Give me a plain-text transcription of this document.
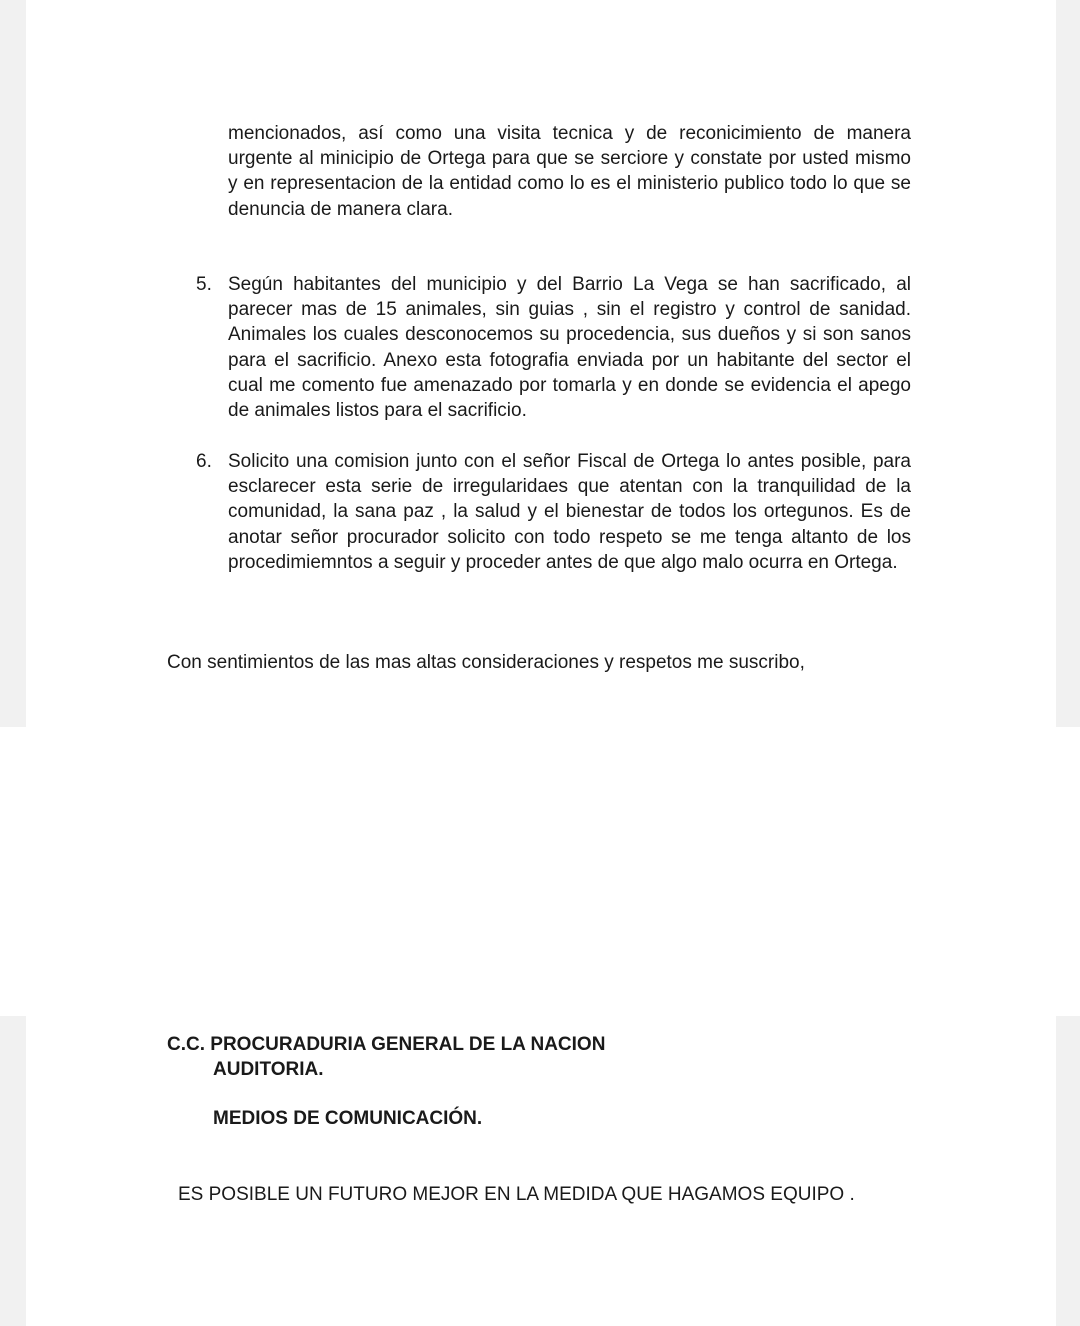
mencionados, así como una visita tecnica y de reconicimiento de manera urgente al minicipio de Ortega para que se serciore y constate por usted mismo y en representacion de la entidad como lo es el ministerio publico todo lo que se denuncia de manera clara.

5. Según habitantes del municipio y del Barrio La Vega se han sacrificado, al parecer mas de 15 animales, sin guias , sin el registro y control de sanidad. Animales los cuales desconocemos su procedencia, sus dueños y si son sanos para el sacrificio. Anexo esta fotografia enviada por un habitante del sector el cual me comento fue amenazado por tomarla y en donde se evidencia el apego de animales listos para el sacrificio.

6. Solicito una comision junto con el señor Fiscal de Ortega lo antes posible, para esclarecer esta serie de irregularidaes que atentan con la tranquilidad de la comunidad, la sana paz , la salud y el bienestar de todos los ortegunos. Es de anotar señor procurador solicito con todo respeto se me tenga altanto de los procedimiemntos a seguir y proceder antes de que algo malo ocurra en Ortega.

Con sentimientos de las mas altas consideraciones y respetos me suscribo,
C.C. PROCURADURIA GENERAL DE LA NACION
AUDITORIA.
MEDIOS DE COMUNICACIÓN.
ES POSIBLE UN FUTURO MEJOR EN LA MEDIDA QUE HAGAMOS EQUIPO .
